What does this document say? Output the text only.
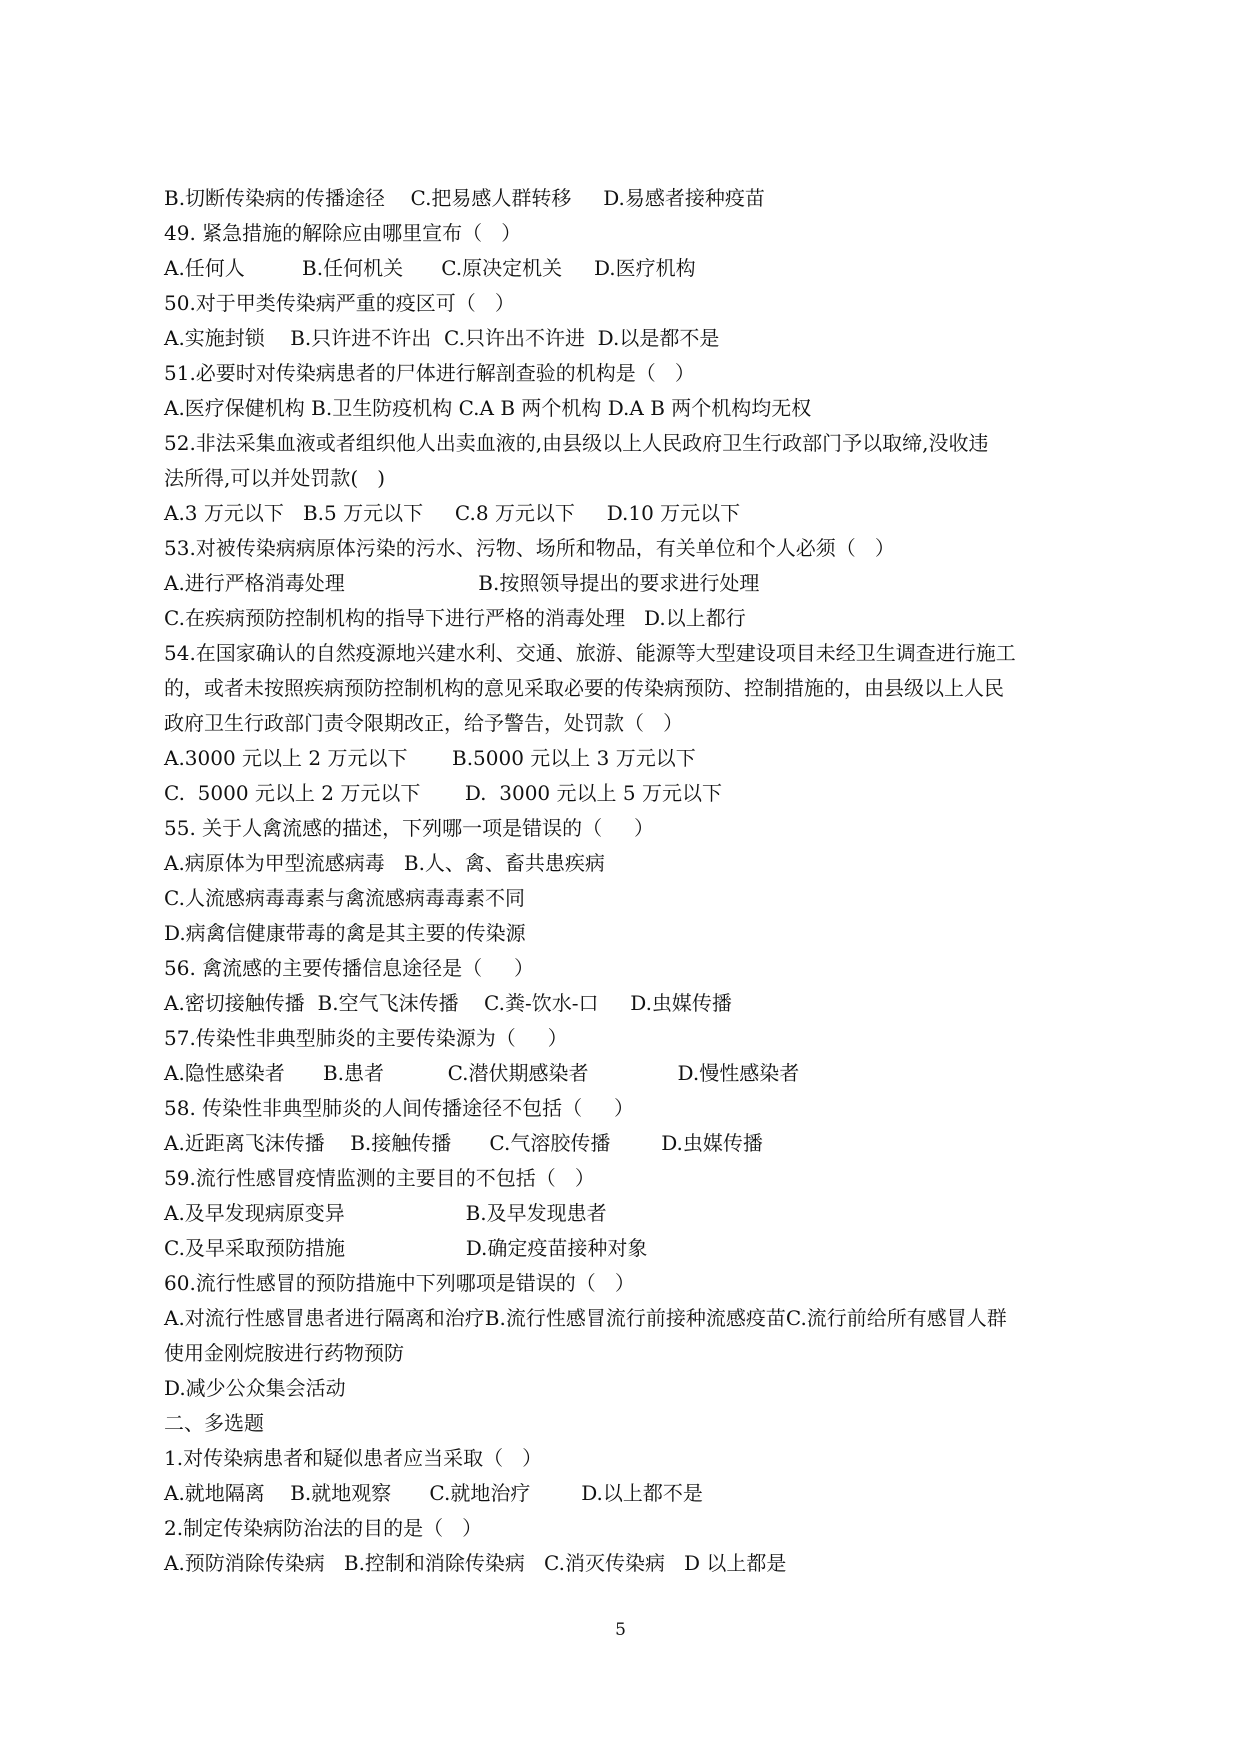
B.切断传染病的传播途径    C.把易感人群转移     D.易感者接种疫苗
49. 紧急措施的解除应由哪里宣布（   ）
A.任何人         B.任何机关      C.原决定机关     D.医疗机构
50.对于甲类传染病严重的疫区可（   ）
A.实施封锁    B.只许进不许出  C.只许出不许进  D.以是都不是
51.必要时对传染病患者的尸体进行解剖查验的机构是（   ）
A.医疗保健机构 B.卫生防疫机构 C.A B 两个机构 D.A B 两个机构均无权
52.非法采集血液或者组织他人出卖血液的,由县级以上人民政府卫生行政部门予以取缔,没收违
法所得,可以并处罚款(   )
A.3 万元以下   B.5 万元以下     C.8 万元以下     D.10 万元以下
53.对被传染病病原体污染的污水、污物、场所和物品，有关单位和个人必须（   ）
A.进行严格消毒处理                     B.按照领导提出的要求进行处理
C.在疾病预防控制机构的指导下进行严格的消毒处理   D.以上都行
54.在国家确认的自然疫源地兴建水利、交通、旅游、能源等大型建设项目未经卫生调查进行施工
的，或者未按照疾病预防控制机构的意见采取必要的传染病预防、控制措施的，由县级以上人民
政府卫生行政部门责令限期改正，给予警告，处罚款（   ）
A.3000 元以上 2 万元以下       B.5000 元以上 3 万元以下
C.  5000 元以上 2 万元以下       D.  3000 元以上 5 万元以下
55. 关于人禽流感的描述，下列哪一项是错误的（     ）
A.病原体为甲型流感病毒   B.人、禽、畜共患疾病
C.人流感病毒毒素与禽流感病毒毒素不同
D.病禽信健康带毒的禽是其主要的传染源
56. 禽流感的主要传播信息途径是（     ）
A.密切接触传播  B.空气飞沫传播    C.粪-饮水-口     D.虫媒传播
57.传染性非典型肺炎的主要传染源为（     ）
A.隐性感染者      B.患者          C.潜伏期感染者              D.慢性感染者
58. 传染性非典型肺炎的人间传播途径不包括（     ）
A.近距离飞沫传播    B.接触传播      C.气溶胶传播        D.虫媒传播
59.流行性感冒疫情监测的主要目的不包括（   ）
A.及早发现病原变异                   B.及早发现患者
C.及早采取预防措施                   D.确定疫苗接种对象
60.流行性感冒的预防措施中下列哪项是错误的（   ）
A.对流行性感冒患者进行隔离和治疗B.流行性感冒流行前接种流感疫苗C.流行前给所有感冒人群
使用金刚烷胺进行药物预防
D.减少公众集会活动
二、多选题
1.对传染病患者和疑似患者应当采取（   ）
A.就地隔离    B.就地观察      C.就地治疗        D.以上都不是
2.制定传染病防治法的目的是（   ）
A.预防消除传染病   B.控制和消除传染病   C.消灭传染病   D 以上都是
5
